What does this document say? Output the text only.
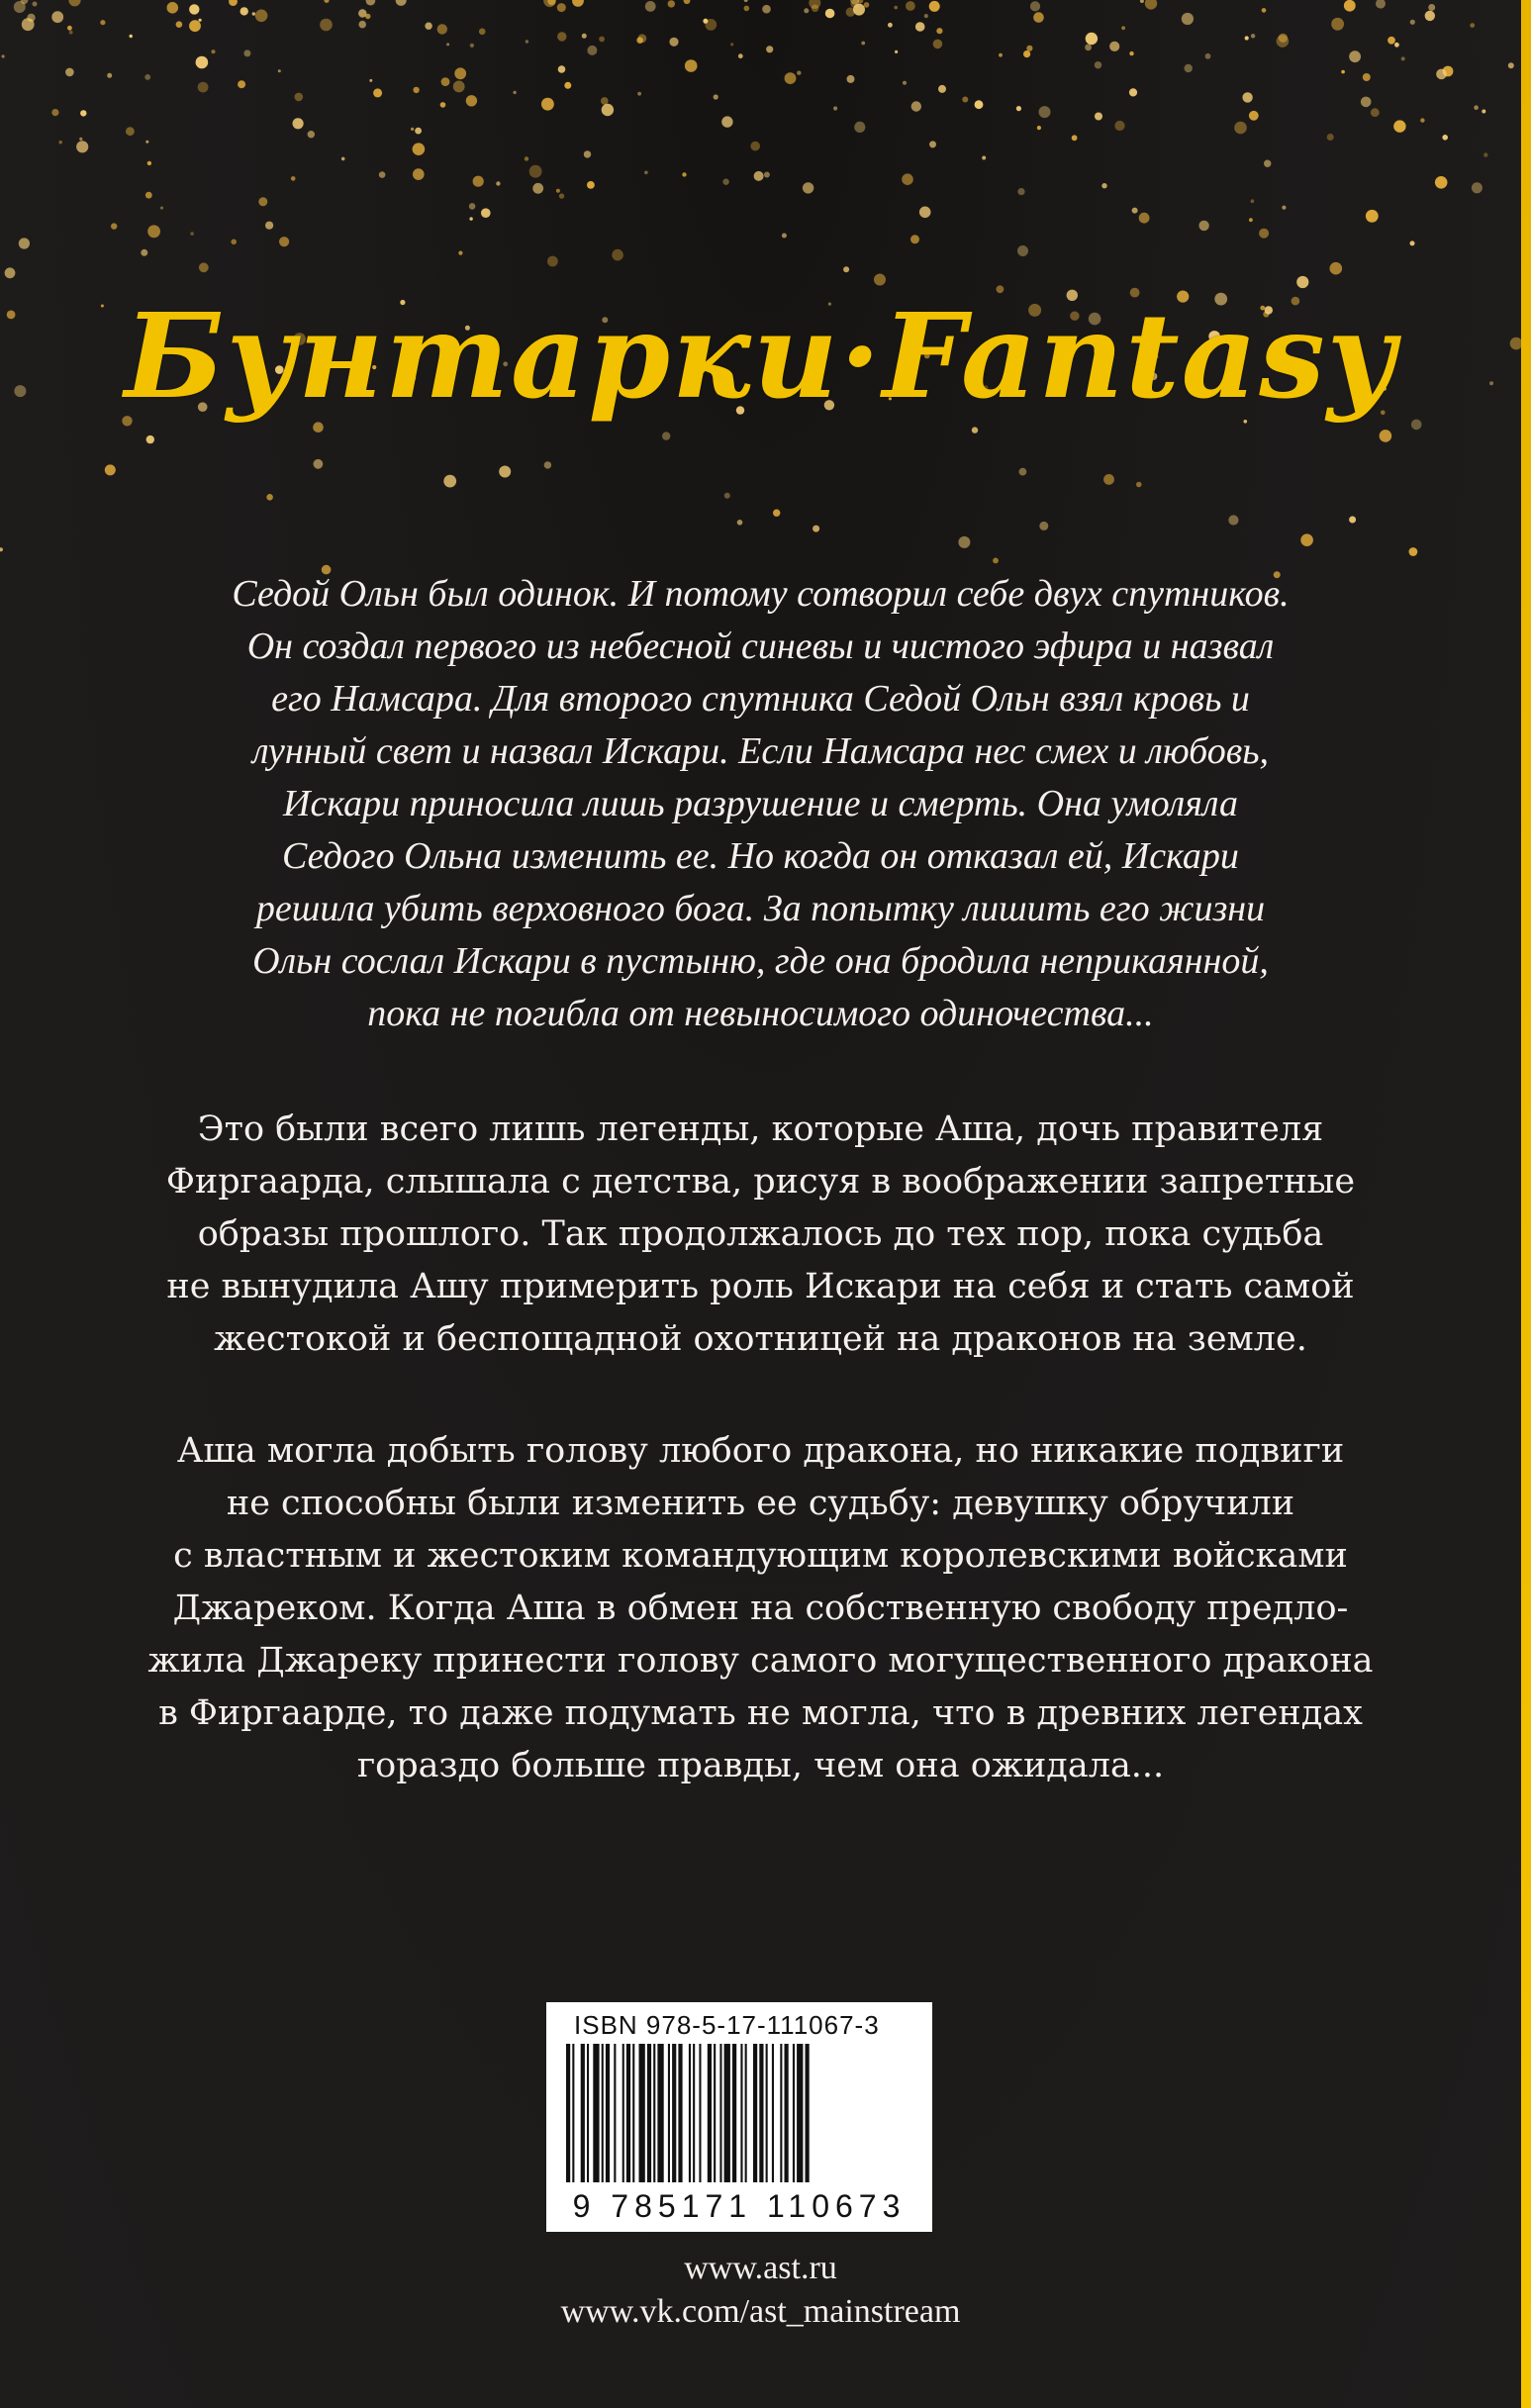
Бунтарки·Fantasy
Седой Ольн был одинок. И потому сотворил себе двух спутников.
Он создал первого из небесной синевы и чистого эфира и назвал
его Намсара. Для второго спутника Седой Ольн взял кровь и
лунный свет и назвал Искари. Если Намсара нес смех и любовь,
Искари приносила лишь разрушение и смерть. Она умоляла
Седого Ольна изменить ее. Но когда он отказал ей, Искари
решила убить верховного бога. За попытку лишить его жизни
Ольн сослал Искари в пустыню, где она бродила неприкаянной,
пока не погибла от невыносимого одиночества...
Это были всего лишь легенды, которые Аша, дочь правителя
Фиргаарда, слышала с детства, рисуя в воображении запретные
образы прошлого. Так продолжалось до тех пор, пока судьба
не вынудила Ашу примерить роль Искари на себя и стать самой
жестокой и беспощадной охотницей на драконов на земле.
Аша могла добыть голову любого дракона, но никакие подвиги
не способны были изменить ее судьбу: девушку обручили
с властным и жестоким командующим королевскими войсками
Джареком. Когда Аша в обмен на собственную свободу предло-
жила Джареку принести голову самого могущественного дракона
в Фиргаарде, то даже подумать не могла, что в древних легендах
гораздо больше правды, чем она ожидала...
ISBN 978-5-17-111067-3
9 785171 110673
www.ast.ru
www.vk.com/ast_mainstream
